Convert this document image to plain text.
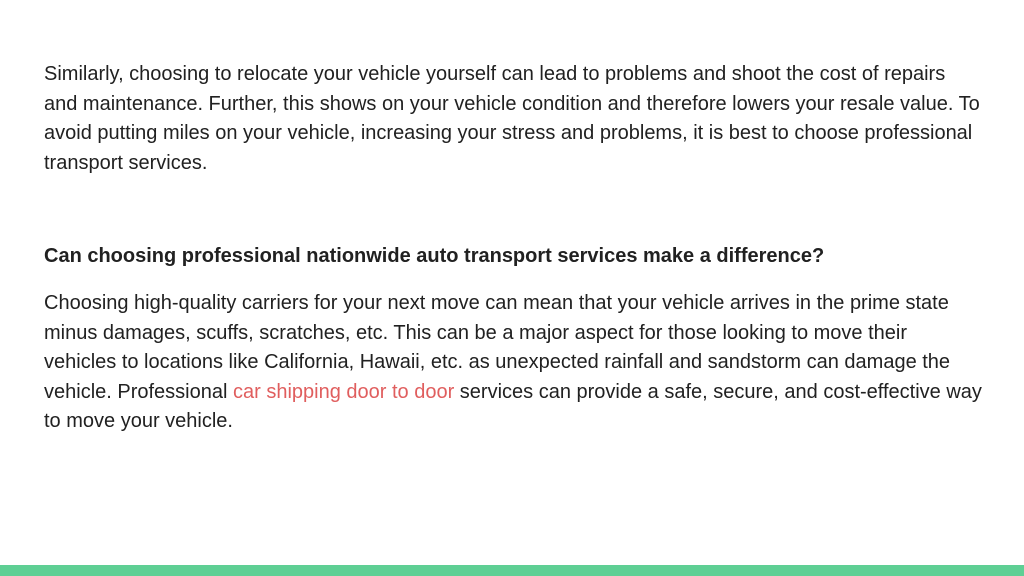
Similarly, choosing to relocate your vehicle yourself can lead to problems and shoot the cost of repairs and maintenance. Further, this shows on your vehicle condition and therefore lowers your resale value. To avoid putting miles on your vehicle, increasing your stress and problems, it is best to choose professional transport services.

Can choosing professional nationwide auto transport services make a difference?

Choosing high-quality carriers for your next move can mean that your vehicle arrives in the prime state minus damages, scuffs, scratches, etc. This can be a major aspect for those looking to move their vehicles to locations like California, Hawaii, etc. as unexpected rainfall and sandstorm can damage the vehicle. Professional car shipping door to door services can provide a safe, secure, and cost-effective way to move your vehicle.
